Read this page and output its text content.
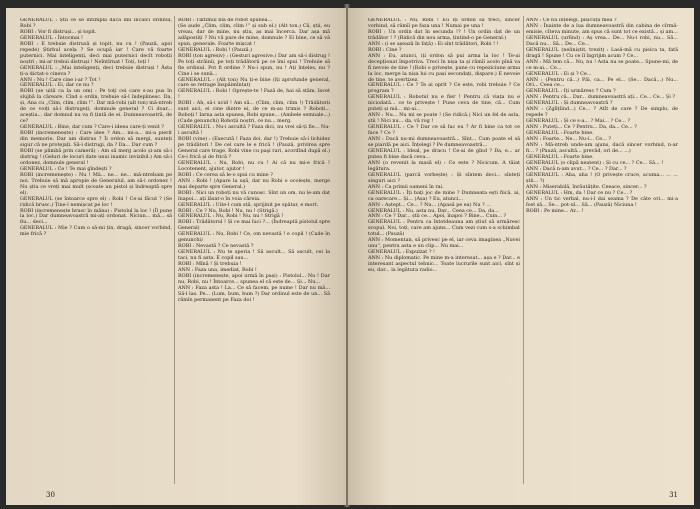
GENERALUL : Știi ce se întîmplă dacă îmi încalci ordinul, Robi ?

ROBI : Vor fi distruși... și topit.

GENERALUL : Întocmai !

ROBI : E trebuie distrusă și topit, nu cu ! (Pauză, apoi repede) Știrbul acela ? Se ocupă iar ! Care vă foarte puternici. Mai inteligenți, deci mai puternici decît roboții noștri ; mi-ar trebui distruși ! Neîntîrnat ! Toți, toți !

GENERALUL : „Mai inteligenți, deci trebuie distruși ! Ăsta ți-a dictat-o cineva ?

ANN : Nu ! Care cine i-ar ? Tot !

GENERALUL : Ei, dar ce nu ?

ROBI (se uită ca la un om) : Pe toți cei care s-au pus în slujbă la căreare. Cînd o ordin, trebuie să-l îndeplinesc. Da, și, Ana cu „Clim, clim, clim !“. Dar mă-robi (alt ton) mă-ntreb de ce voiți să-i distrugeți, domnule general ? Ci doar... aceștia... dar domnul nu va fi țintă de ei. Dumneavoastră, de ce?

GENERALUL : Bine, dar cum ? Care-i ideea care-ți venit ?

ROBI (incremenește) : Care idee ? Am... mi-a... mi-a pierit din memorie. Dar am distrus ? Îi ordon să mergi, sunteți sigur că ne protejați. Să-i distrugi, da ? Da... Dar cum ?

ROBI (se plimbă prin cameră) : Am să merg acolo și-am să-i distrug ! (Geluri de locuri date unui inamic invizibil.) Am să-i ordonez, domnule general !

GENERALUL : Ce ! Te mai gîndești ?

ROBI (incremenește) : Nu ! Mă... ne... ne... mă-ntrebam pe noi. Trebuie să mă apropie de Generalul, am să-i ordonez ! Nu știu ce vreți mai mult (scoate un pistol și îndreaptă spre el).

GENERALUL (se întoarce spre el) : Robi ! Ce-ai făcut ? (Se ridică brusc.) Ține-l nemișcat pe loc !

ROBI (incremenește brusc în mâna) : Pistolul la loc ! (Îl pune la loc.) Dar dumneavoastră mi-ați ordonat. Niciun... mă... să fiu... deci...

GENERALUL : Mie ? Cum o să-mi țin, dragă, sincer vorbind, mie frică ?

ROBI : Tiktîmul bla de robot spunea...

(Se aude „Clim, clim, clim !“ și sub el.) (Alt ton.) Că, știi, eu vreau, dar de mine, nu știu, aș mai încerca. Dar așa mă adăpostiți ? Nu vă pare de mine, domnule ? Ei bine, ce să vă spun, generale. Foarte mișcat !

GENERALUL : Robi ! (Pauză.)

ROBI (ton agresiv) : (Gesturi agresive.) Dar am să-i distrug ! Pe toți străinii, pe toți trădătorii pe ce îmi spui ! Trebuie să fie ordinul. Pot fi ordine ? Nu-i spun, nu ! Ați înțeles, nu ? Cine i se sună...

GENERALUL : (Alt ton) Nu ți-e bine (îți aprofunde general, care se retrage înspăimîntat)

GENERALUL : Robi ! Oprește-te ! Fază de, hai să stăm, încet !

ROBI : Ah, să-i ucid ! Am să... (Clim, clim, clim !) Trădătorii sunt aici, ei cine dintre ei, de ce m-au trimis ? Roboți... Roboți ! Iarna asta spunea, Robi spune... (Ambele semnale...) (Cade genunchi) Roboții noștri, ce nu... merg.

GENERALUL : Nu-i ascultă ? Faza dici, nu vrei să-ți fie... Nu-i ascultă !

ROBI (vine) : (Execută ! Faza doi, dar !) Trebuie să-i lichidez pe trădători ! De cel care le e frică ! (Pauză, privirea spre General care trage. Robi vine cu paşi rari, acordînd după el.) Ce-i frică și de frică ?

GENERALUL : Nu, Robi, nu cu ! Ai că nu mi-e frică ! Locotenent, ajutor, ajutor !

ROBI : Ce cerea să le-o spui cu mine ?

ANN : Robi ! (Apare la ușă, dar nu Robi o ocolește, merge mai departe spre General.)

ROBI : Nici un roboți nu vă cunosc. Sînt un om, nu le-am dat înapoi... ați lăsat-o în voia căreia.

GENERALUL : Uite-l cum stă, sprijinit pe spătar, e mort.

ROBI : Ce ? Nu, Robi ! Nu, nu ! (Strigă.)

GENERALUL : Nu, Robi ! Nu, nu ! Strigă !

ROBI : Trădătorul ! Și ce mai faci ?... (Îndreaptă pistolul spre General)

GENERALUL : Nu, Robi ! Ce, om nevastă ! e copil ! (Cade în genunchi)

ROBI : Nevastă ? Ce nevastă ?

GENERALUL : Nu te speria ! Să ascult... Să ascult, cei la taci, nu fi asta. E copil sau...

ROBI : Mînă ! Și trebuia !

ANN : Faza una, imediat, Robi !

ROBI (incremenește, apoi urmă în pași) : Pistolul... Nu ! Dar nu, Robi, nu ! Întoarce... spunea el că este de... Și... Nu...

ANN : Faza asta ! La... Ce să facem, pe nume ! Dar nu mă... Să-l las. Pe... (Lum, bum, bum ?) Dar ordinul este de un... Să rămîn permanent pe Faza doi !

30

GENERALUL : Nu, Robi ! Eu iți ordon să treci, sincer vorbind, să rămîi pe faza una ! Numai pe una !

ROBI : Un ordin dat în secunda !? ! Un ordin dat de un trădător ! ? (Ridică din nou arma, țintind-o pe General.)

ANN : (i se așează în față) : Ei sînt trădători, Robi ! !

ROBI : Cine ?

ANN : Eu, atunci, iți ordon să pui arma la loc ! Te-ai decepționat împotriva. Treci în nișa ta și rămîi acolo pînă va fi nevoie de tine ! (Robi o privește, pune cu repeziciune arma la loc, merge la nișa lui cu pași secondați, dispare.) E nevoie de tine, te avertizez.

GENERALUL : Ce ? Te ai oprit ? Ce este, robi trebuie ? Ce program ?

GENERALUL : Robotul nu e fier ! Pentru că viața nu e niciodată... ce te privește ! Pune ceva de tine, că... Cum puteți și mă... mi-ai...

ANN : Nu... Nu mi se poate ! (Se ridică.) Nici un fel de asta, știi ! Nici nu... da, vă rog !

GENERALUL : Ce ? Dar ce să fac eu ? Ar fi bine ca tot ce face ? Ce ?

ANN : Dacă nu-mi dumneavoastră... Sînt... Cum poate el să se piardă pe aici. Înțelegi ? Pe dumneavoastră...

GENERALUL : Ideal, pe dracu ! Ce-ai de gînd ? Da, e... ar putea fi bine dacă ceva...

ANN (o revenit la masă el) : Ce este ? Nicicum. A tăiat legătura.

GENERALUL (parcă vorbește) : Și sîntem deci... sînteți singuri aici ?

ANN : Ca primii oameni în rai.

GENERALUL : Îți bați joc de mine ? Dumneata ești fiică, ai, ca oarecare... Și... (Așa) ? Eu, atunci...

ANN : Aștept... Ce... ? Nu... (Apasă pe ea) Nu ? ...

GENERALUL : Nu, asta nu. Dar... Ceea ce... Da, da...

ANN : Ce ? Dar... știi ce... Apoi, înapoi ? Bine... Cum... ?

GENERALUL : Pentru ca întotdeauna am știut să urmăresc scopul. Noi, toți, care am ajuns... Cum vezi cum s-a schimbat totul... (Pauză)

ANN : Momentan, să privesc pe el, iar ceva imaginea „Nuvei unu“, pentru asta e un clip... Nu mai...

GENERALUL : Expulzat ? !

ANN : Nu diplomatic. Pe mine m-a interesat... așa e ? Dar... e interesant aspectul tehnic... Toate lucrurile sunt aici, sînt și eu, dar... la legătura radio...

ANN : Ce nu înțelegi, pisicuța mea ?

ANN : Înainte de a lua dumneavoastră din cabina de cîrmă-emisie, cîteva minute, am spus că sunt tot ce există... și am...

GENERALUL (urlînd) : Aș vrea... De... Nu-i robi, nu... Să... Dacă nu... Să... De... Ce...

GENERALUL (neliniștit, trezit) : Lasă-mă cu pisica ta, fată dragă ! Spune ! Cu ce îl îngrijim acum ? Ce...

ANN : Mă tem că... Nu, nu ! Asta nu se poate... Spune-mi, de ce m-ai... Ce...

GENERALUL : Ei și ? Ce...

ANN : (Pentru că...) Păi, ca... Pe el... (Se... Dacă...) Nu... Ori... Ceea ce...

GENERALUL : Iți urmăresc ? Cum ?

ANN : Pentru că... Dar... dumneavoastră ați... Ce... Ce... Și ?

GENERALUL : Și dumneavoastră ?

ANN : (Zgîlțîind...) Ce... ? Atît de care ? De simplu, de repede ?

GENERALUL : Și ce s-a... ? Mai... ? Ce... ?

ANN : Puteți... Ce ? Pentru... Da, da... Ce... ?

GENERALUL : Foarte bine.

ANN : Foarte... Ne... Nu-i... Ce... ?

ANN : Mă-ntreb unde-am ajuns, dacă sincer vorbind, n-ar fi... ? (Pauză, ascultă... prevăd, ori de... ...)

GENERALUL : Foarte bine.

GENERALUL (o clipă neatent) : Și cu ce... ? Ce... Să... !

ANN : Dacă n-am avut... ? Ce... ? Dar... ?

GENERALUL : Aha, aha ! (O privește cruce, acuma... ... ... știi... ?)

ANN : Miserabilă, înrăutățite. Ceeace, sincer... ?

GENERALUL : Hm, da ! Dar ce nu ? Ce... ?

ANN : Un tic verbal, nu-i-l dai seama ? De câte ori... mi-a fost să... Se... pot-ul... Să... (Pauză) Niciuna !

ROBI : Pe mine... Ar... !

31
